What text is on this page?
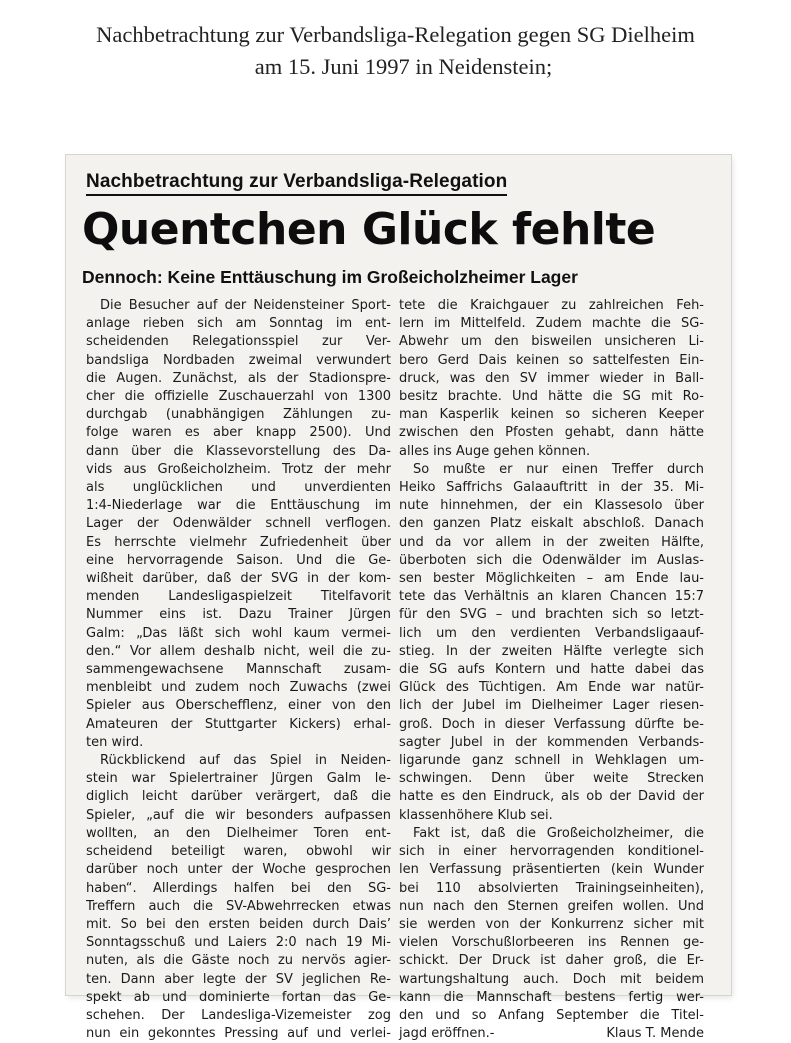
Nachbetrachtung zur Verbandsliga-Relegation gegen SG Dielheim
am 15. Juni 1997 in Neidenstein;
Nachbetrachtung zur Verbandsliga-Relegation
Quentchen Glück fehlte
Dennoch: Keine Enttäuschung im Großeicholzheimer Lager
Die Besucher auf der Neidensteiner Sport-
anlage rieben sich am Sonntag im ent-
scheidenden Relegationsspiel zur Ver-
bandsliga Nordbaden zweimal verwundert
die Augen. Zunächst, als der Stadionspre-
cher die offizielle Zuschauerzahl von 1300
durchgab (unabhängigen Zählungen zu-
folge waren es aber knapp 2500). Und
dann über die Klassevorstellung des Da-
vids aus Großeicholzheim. Trotz der mehr
als unglücklichen und unverdienten
1:4-Niederlage war die Enttäuschung im
Lager der Odenwälder schnell verflogen.
Es herrschte vielmehr Zufriedenheit über
eine hervorragende Saison. Und die Ge-
wißheit darüber, daß der SVG in der kom-
menden Landesligaspielzeit Titelfavorit
Nummer eins ist. Dazu Trainer Jürgen
Galm: „Das läßt sich wohl kaum vermei-
den.“ Vor allem deshalb nicht, weil die zu-
sammengewachsene Mannschaft zusam-
menbleibt und zudem noch Zuwachs (zwei
Spieler aus Oberschefflenz, einer von den
Amateuren der Stuttgarter Kickers) erhal-
ten wird.
Rückblickend auf das Spiel in Neiden-
stein war Spielertrainer Jürgen Galm le-
diglich leicht darüber verärgert, daß die
Spieler, „auf die wir besonders aufpassen
wollten, an den Dielheimer Toren ent-
scheidend beteiligt waren, obwohl wir
darüber noch unter der Woche gesprochen
haben“. Allerdings halfen bei den SG-
Treffern auch die SV-Abwehrrecken etwas
mit. So bei den ersten beiden durch Dais’
Sonntagsschuß und Laiers 2:0 nach 19 Mi-
nuten, als die Gäste noch zu nervös agier-
ten. Dann aber legte der SV jeglichen Re-
spekt ab und dominierte fortan das Ge-
schehen. Der Landesliga-Vizemeister zog
nun ein gekonntes Pressing auf und verlei-
tete die Kraichgauer zu zahlreichen Feh-
lern im Mittelfeld. Zudem machte die SG-
Abwehr um den bisweilen unsicheren Li-
bero Gerd Dais keinen so sattelfesten Ein-
druck, was den SV immer wieder in Ball-
besitz brachte. Und hätte die SG mit Ro-
man Kasperlik keinen so sicheren Keeper
zwischen den Pfosten gehabt, dann hätte
alles ins Auge gehen können.
So mußte er nur einen Treffer durch
Heiko Saffrichs Galaauftritt in der 35. Mi-
nute hinnehmen, der ein Klassesolo über
den ganzen Platz eiskalt abschloß. Danach
und da vor allem in der zweiten Hälfte,
überboten sich die Odenwälder im Auslas-
sen bester Möglichkeiten – am Ende lau-
tete das Verhältnis an klaren Chancen 15:7
für den SVG – und brachten sich so letzt-
lich um den verdienten Verbandsligaauf-
stieg. In der zweiten Hälfte verlegte sich
die SG aufs Kontern und hatte dabei das
Glück des Tüchtigen. Am Ende war natür-
lich der Jubel im Dielheimer Lager riesen-
groß. Doch in dieser Verfassung dürfte be-
sagter Jubel in der kommenden Verbands-
ligarunde ganz schnell in Wehklagen um-
schwingen. Denn über weite Strecken
hatte es den Eindruck, als ob der David der
klassenhöhere Klub sei.
Fakt ist, daß die Großeicholzheimer, die
sich in einer hervorragenden konditionel-
len Verfassung präsentierten (kein Wunder
bei 110 absolvierten Trainingseinheiten),
nun nach den Sternen greifen wollen. Und
sie werden von der Konkurrenz sicher mit
vielen Vorschußlorbeeren ins Rennen ge-
schickt. Der Druck ist daher groß, die Er-
wartungshaltung auch. Doch mit beidem
kann die Mannschaft bestens fertig wer-
den und so Anfang September die Titel-
jagd eröffnen.-	Klaus T. Mende
